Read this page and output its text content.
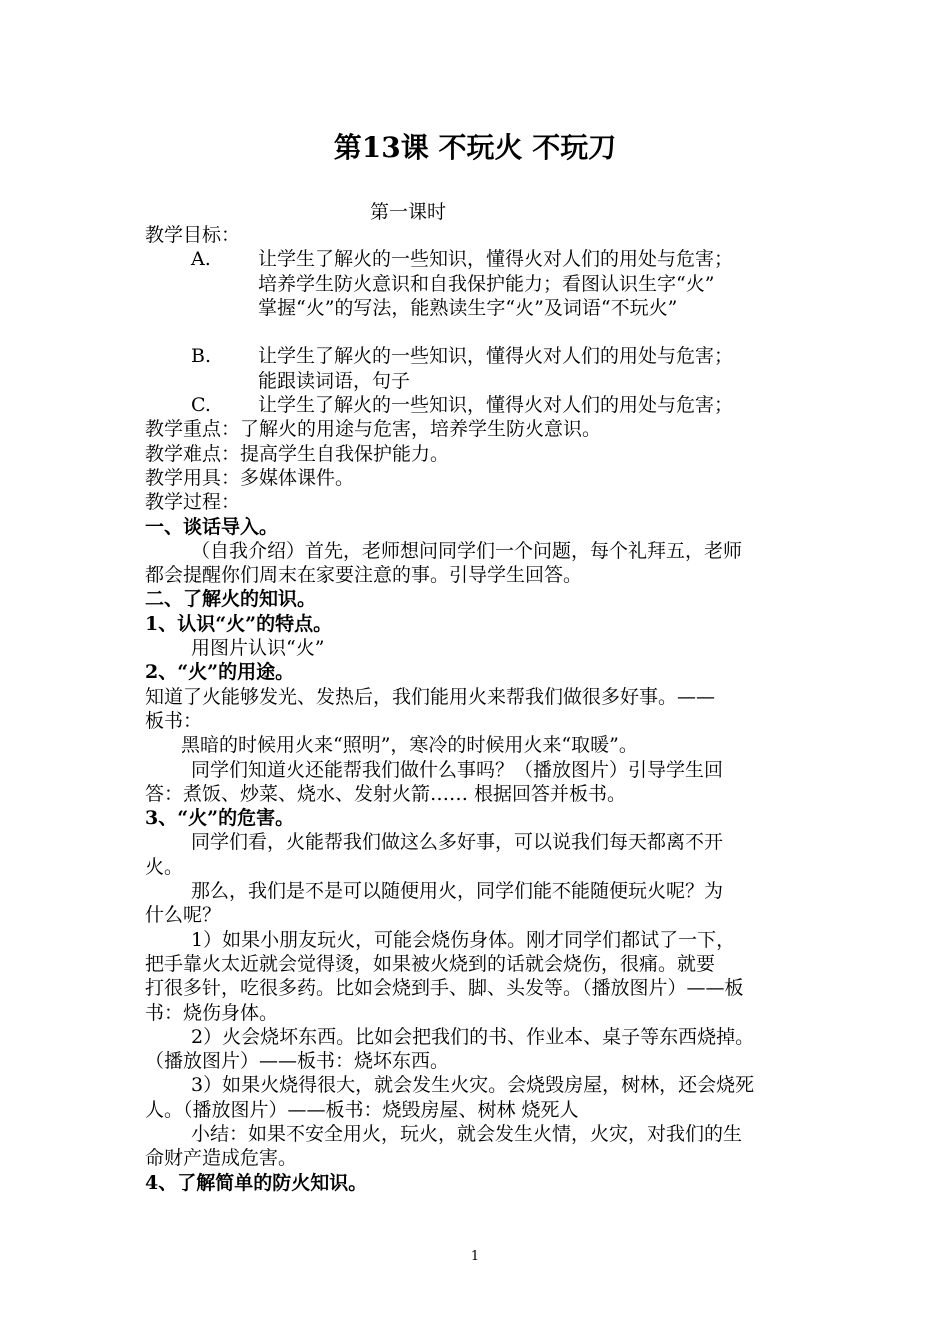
第13课 不玩火 不玩刀
第一课时
教学目标：
A. 让学生了解火的一些知识，懂得火对人们的用处与危害；
培养学生防火意识和自我保护能力；看图认识生字“火”
掌握“火”的写法，能熟读生字“火”及词语“不玩火”
B. 让学生了解火的一些知识，懂得火对人们的用处与危害；
能跟读词语，句子
C. 让学生了解火的一些知识，懂得火对人们的用处与危害；
教学重点：了解火的用途与危害，培养学生防火意识。
教学难点：提高学生自我保护能力。
教学用具：多媒体课件。
教学过程：
一、谈话导入。
（自我介绍）首先，老师想问同学们一个问题，每个礼拜五，老师
都会提醒你们周末在家要注意的事。引导学生回答。
二、了解火的知识。
1、认识“火”的特点。
用图片认识“火”
2、“火”的用途。
知道了火能够发光、发热后，我们能用火来帮我们做很多好事。——
板书：
黑暗的时候用火来“照明”，寒冷的时候用火来“取暖”。
同学们知道火还能帮我们做什么事吗？（播放图片）引导学生回
答：煮饭、炒菜、烧水、发射火箭…… 根据回答并板书。
3、“火”的危害。
同学们看，火能帮我们做这么多好事，可以说我们每天都离不开
火。
那么，我们是不是可以随便用火，同学们能不能随便玩火呢？为
什么呢？
1）如果小朋友玩火，可能会烧伤身体。刚才同学们都试了一下，
把手靠火太近就会觉得烫，如果被火烧到的话就会烧伤，很痛。就要
打很多针，吃很多药。比如会烧到手、脚、头发等。（播放图片）——板
书：烧伤身体。
2）火会烧坏东西。比如会把我们的书、作业本、桌子等东西烧掉。
（播放图片）——板书：烧坏东西。
3）如果火烧得很大，就会发生火灾。会烧毁房屋，树林，还会烧死
人。（播放图片）——板书：烧毁房屋、树林 烧死人
小结：如果不安全用火，玩火，就会发生火情，火灾，对我们的生
命财产造成危害。
4、了解简单的防火知识。
1
